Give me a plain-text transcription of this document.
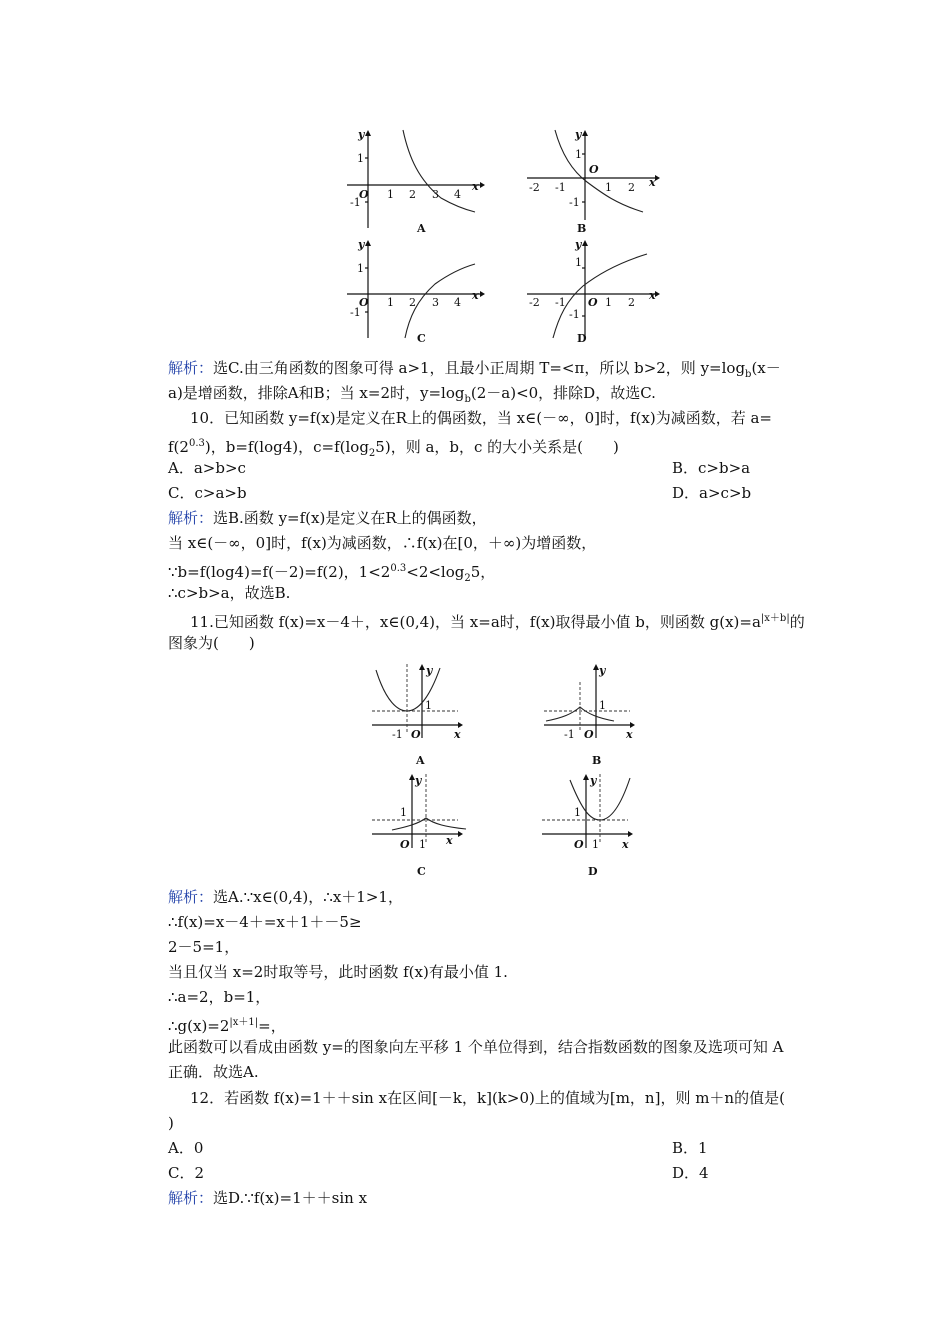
y
1
-1
O 1 2 3 4
x
A
y
1
-1
O
-2 -1	1 2 x
B
y
1
-1
O 1 2 3 4
x
C
y
1
-1
O
-2 -1	1 2
x
D
解析：选C.由三角函数的图象可得 a>1，且最小正周期 T=<π，所以 b>2，则 $y=\log_b(x-$
a)是增函数，排除A和B；当 x=2时，$y=\log_b(2-a)<0$，排除D，故选C.
10．已知函数 y=f(x)是定义在R上的偶函数，当 x∈(－∞，0]时，f(x)为减函数，若 a=
$f(2^{0.3})$，b=f(log4)，$c=f(\log_25)$，则 a，b，c 的大小关系是(　　)
A．a>b>c	B．c>b>a
C．c>a>b	D．a>c>b
解析：选B.函数 y=f(x)是定义在R上的偶函数，
当 x∈(－∞，0]时，f(x)为减函数，∴f(x)在[0，＋∞)为增函数，
∵b=f(log4)=f(－2)=f(2)，$1<2^{0.3}<2<\log_25$，
∴c>b>a，故选B.
11.已知函数 f(x)=x－4＋，x∈(0,4)，当 x=a时，f(x)取得最小值 b，则函数 $g(x)=a^{|x+b|}$的
图象为(　　)
y
1
-1 O	x
A
y
1
-1 O	x
B
y
1
O 1 x
C
y
1
O 1 x
D
解析：选A.∵x∈(0,4)，∴x＋1>1，
∴f(x)=x－4＋=x＋1＋－5≥
2－5=1，
当且仅当 x=2时取等号，此时函数 f(x)有最小值 1.
∴a=2，b=1，
$\therefore g(x)=2^{|x+1|}=$，
此函数可以看成由函数 y=的图象向左平移 1 个单位得到，结合指数函数的图象及选项可知 A
正确．故选A.
12．若函数 f(x)=1＋＋sin x在区间[－k，k](k>0)上的值域为[m，n]，则 m＋n的值是(
)
A．0	B．1
C．2	D．4
解析：选D.∵f(x)=1＋＋sin x
